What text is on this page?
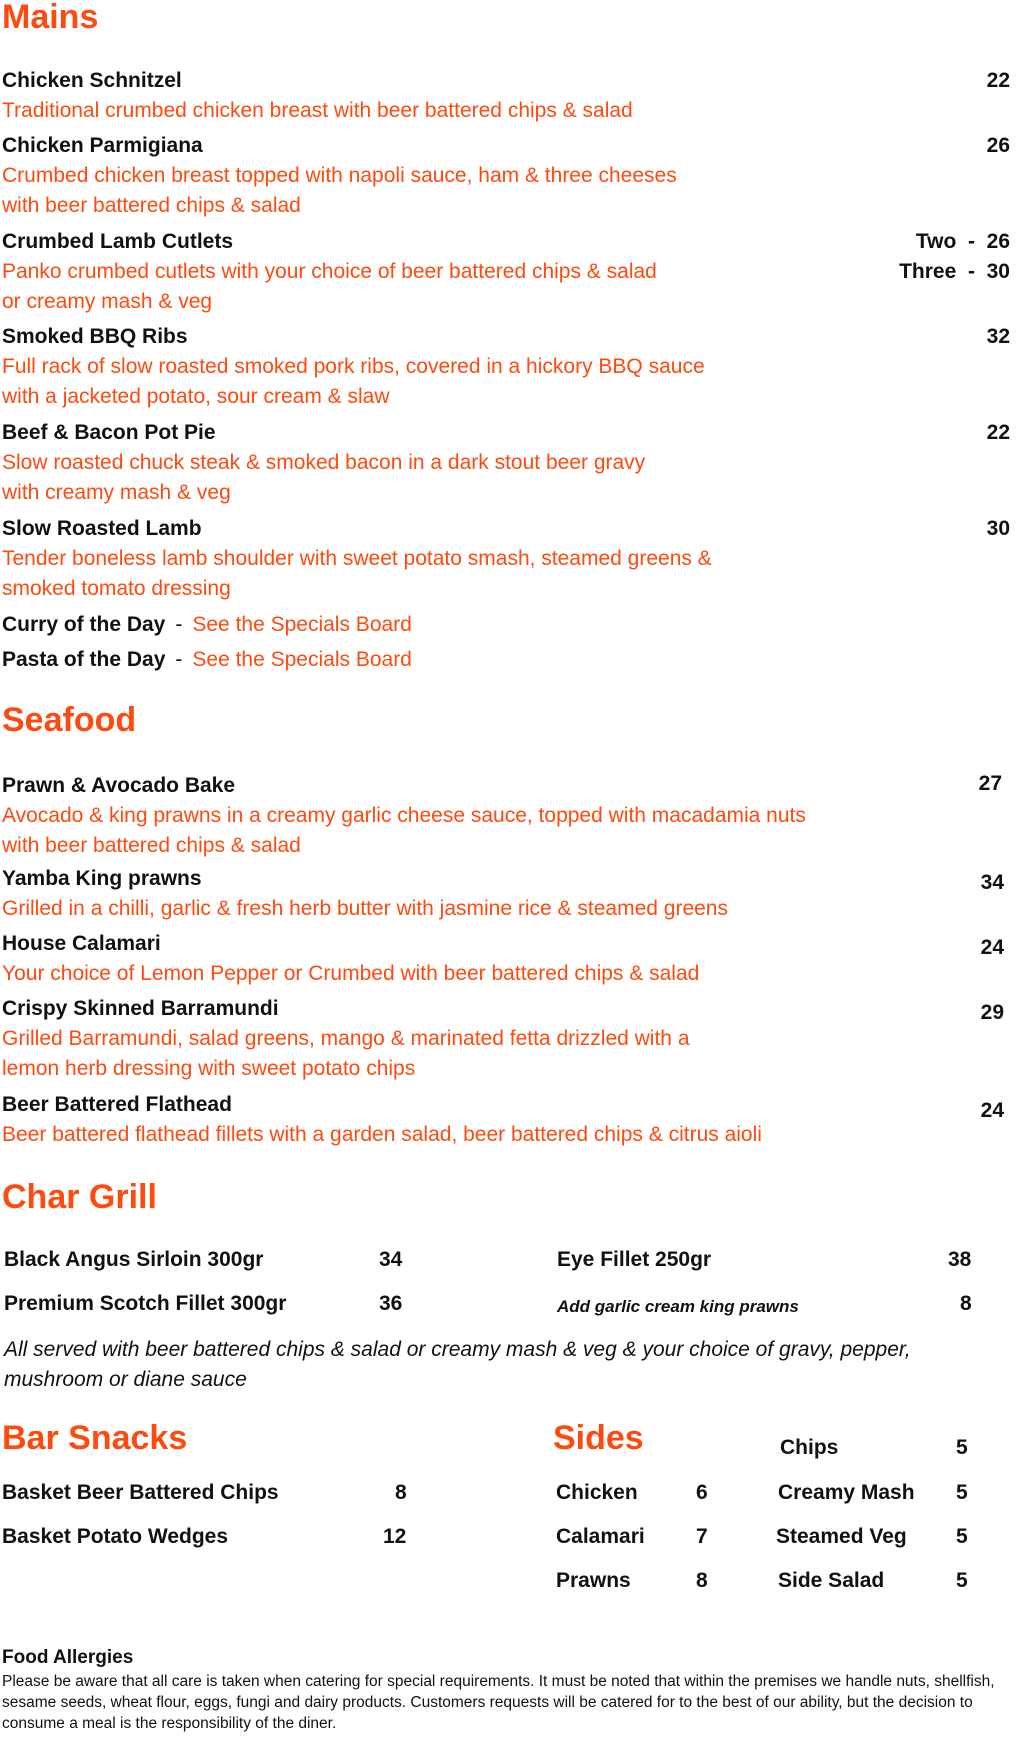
Mains
Chicken Schnitzel	22
Traditional crumbed chicken breast with beer battered chips & salad
Chicken Parmigiana	26
Crumbed chicken breast topped with napoli sauce, ham & three cheeses
with beer battered chips & salad
Crumbed Lamb Cutlets	Two  -  26
Three  -  30
Panko crumbed cutlets with your choice of beer battered chips & salad
or creamy mash & veg
Smoked BBQ Ribs	32
Full rack of slow roasted smoked pork ribs, covered in a hickory BBQ sauce
with a jacketed potato, sour cream & slaw
Beef & Bacon Pot Pie	22
Slow roasted chuck steak & smoked bacon in a dark stout beer gravy
with creamy mash & veg
Slow Roasted Lamb	30
Tender boneless lamb shoulder with sweet potato smash, steamed greens &
smoked tomato dressing
Curry of the Day - See the Specials Board
Pasta of the Day - See the Specials Board
Seafood
Prawn & Avocado Bake	27
Avocado & king prawns in a creamy garlic cheese sauce, topped with macadamia nuts
with beer battered chips & salad
Yamba King prawns	34
Grilled in a chilli, garlic & fresh herb butter with jasmine rice & steamed greens
House Calamari	24
Your choice of Lemon Pepper or Crumbed with beer battered chips & salad
Crispy Skinned Barramundi	29
Grilled Barramundi, salad greens, mango & marinated fetta drizzled with a
lemon herb dressing with sweet potato chips
Beer Battered Flathead	24
Beer battered flathead fillets with a garden salad, beer battered chips & citrus aioli
Char Grill
Black Angus Sirloin 300gr	34
Premium Scotch Fillet 300gr	36
Eye Fillet 250gr	38
Add garlic cream king prawns	8
All served with beer battered chips & salad or creamy mash & veg & your choice of gravy, pepper, mushroom or diane sauce
Bar Snacks
Basket Beer Battered Chips	8
Basket Potato Wedges	12
Sides
Chicken	6
Calamari 7
Prawns	8
Chips	5
Creamy Mash 5
Steamed Veg 5
Side Salad	5
Food Allergies
Please be aware that all care is taken when catering for special requirements. It must be noted that within the premises we handle nuts, shellfish, sesame seeds, wheat flour, eggs, fungi and dairy products. Customers requests will be catered for to the best of our ability, but the decision to consume a meal is the responsibility of the diner.
